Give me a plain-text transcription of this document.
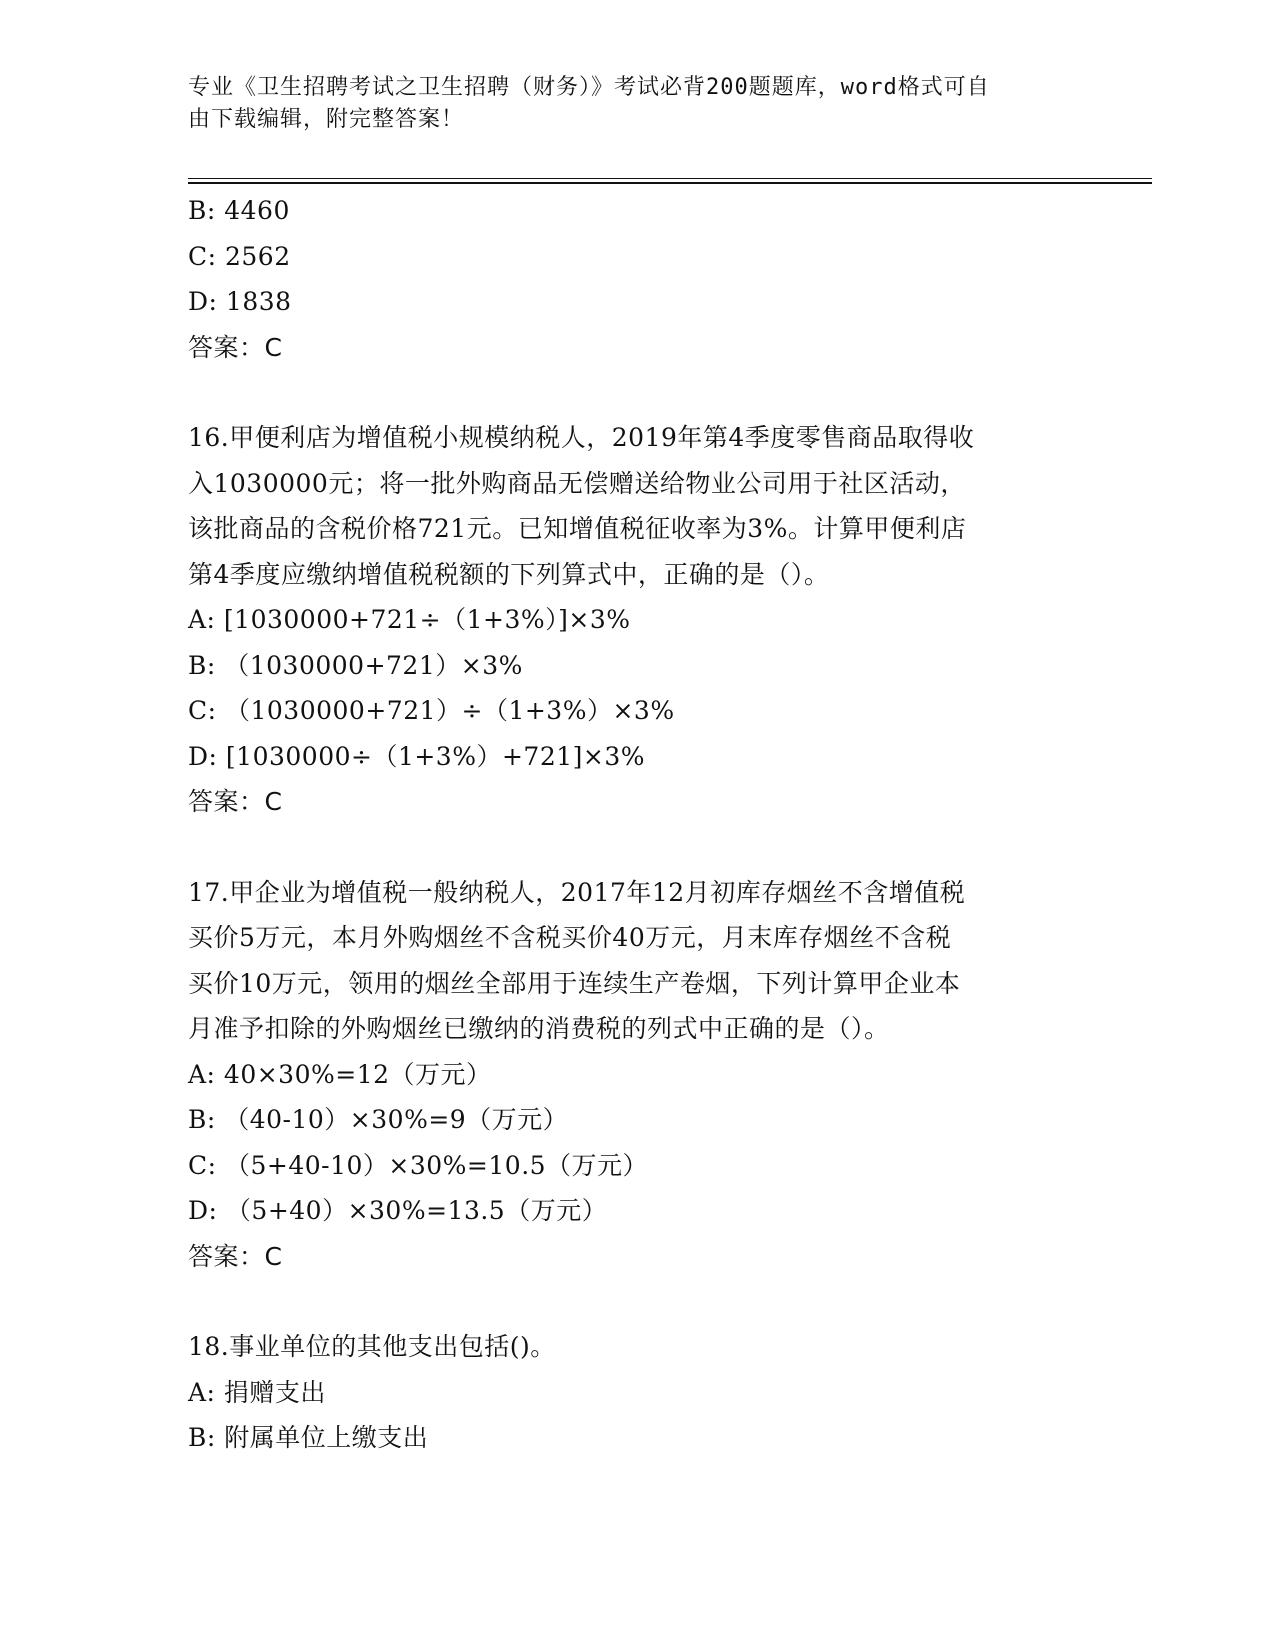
专业《卫生招聘考试之卫生招聘（财务）》考试必背200题题库，word格式可自
由下载编辑，附完整答案！
B: 4460
C: 2562
D: 1838
答案：C
16.甲便利店为增值税小规模纳税人，2019年第4季度零售商品取得收
入1030000元；将一批外购商品无偿赠送给物业公司用于社区活动，
该批商品的含税价格721元。已知增值税征收率为3%。计算甲便利店
第4季度应缴纳增值税税额的下列算式中，正确的是（）。
A: [1030000+721÷（1+3%）]×3%
B: （1030000+721）×3%
C: （1030000+721）÷（1+3%）×3%
D: [1030000÷（1+3%）+721]×3%
答案：C
17.甲企业为增值税一般纳税人，2017年12月初库存烟丝不含增值税
买价5万元，本月外购烟丝不含税买价40万元，月末库存烟丝不含税
买价10万元，领用的烟丝全部用于连续生产卷烟，下列计算甲企业本
月准予扣除的外购烟丝已缴纳的消费税的列式中正确的是（）。
A: 40×30%=12（万元）
B: （40-10）×30%=9（万元）
C: （5+40-10）×30%=10.5（万元）
D: （5+40）×30%=13.5（万元）
答案：C
18.事业单位的其他支出包括()。
A: 捐赠支出
B: 附属单位上缴支出
